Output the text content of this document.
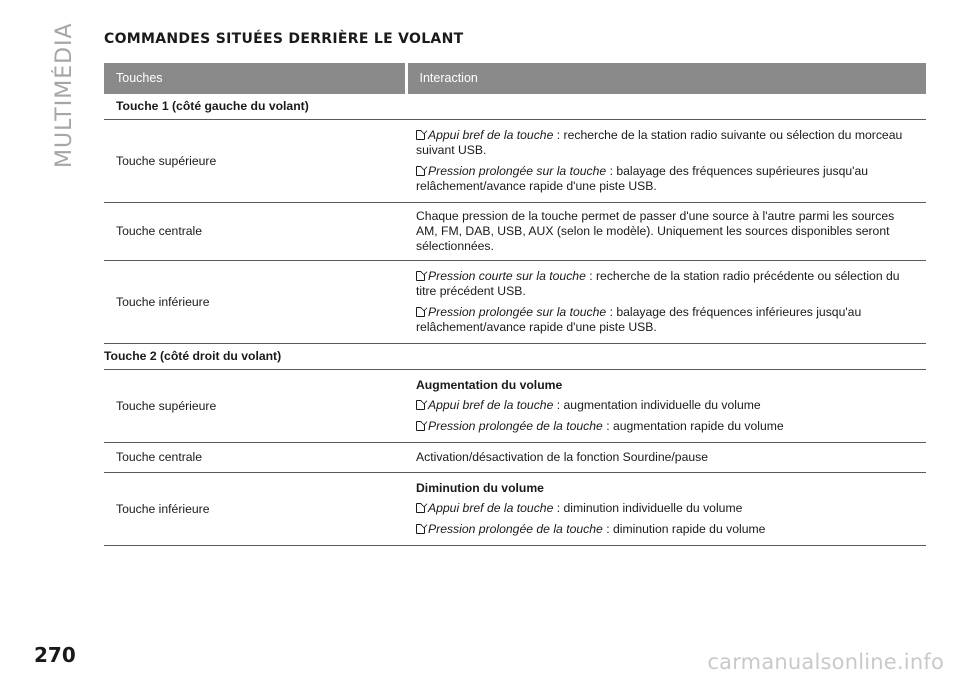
MULTIMÉDIA COMMANDES SITUÉES DERRIÈRE LE VOLANT
Touches	Interaction
Touche 1 (côté gauche du volant)	
Touche supérieure	Appui bref de la touche : recherche de la station radio suivante ou sélection du morceau suivant USB.
Pression prolongée sur la touche : balayage des fréquences supérieures jusqu'au relâchement/avance rapide d'une piste USB.

Touche centrale	Chaque pression de la touche permet de passer d'une source à l'autre parmi les sources AM, FM, DAB, USB, AUX (selon le modèle). Uniquement les sources disponibles seront sélectionnées.
Touche inférieure	Pression courte sur la touche : recherche de la station radio précédente ou sélection du titre précédent USB.
Pression prolongée sur la touche : balayage des fréquences inférieures jusqu'au relâchement/avance rapide d'une piste USB.

Touche 2 (côté droit du volant)	
Touche supérieure	Augmentation du volume
Appui bref de la touche : augmentation individuelle du volume
Pression prolongée de la touche : augmentation rapide du volume

Touche centrale	Activation/désactivation de la fonction Sourdine/pause
Touche inférieure	Diminution du volume
Appui bref de la touche : diminution individuelle du volume
Pression prolongée de la touche : diminution rapide du volume
270	carmanualsonline.info
